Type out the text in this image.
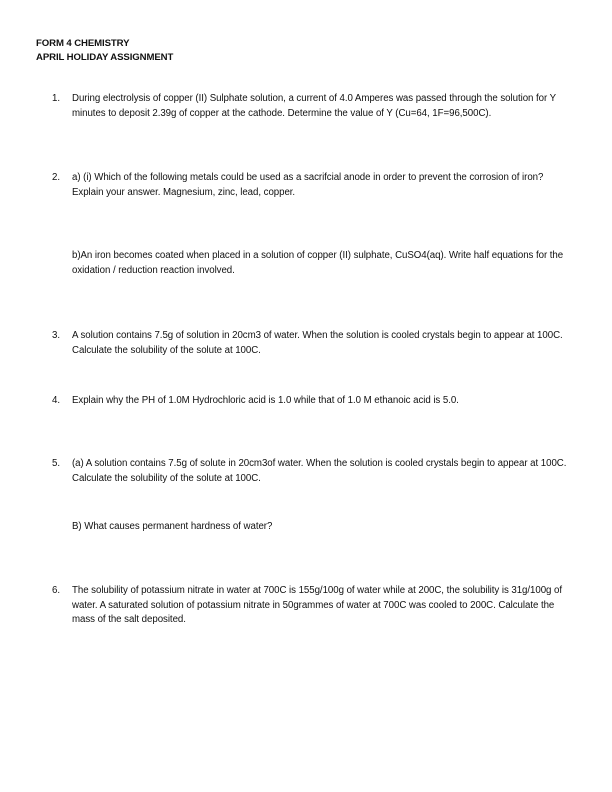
FORM 4 CHEMISTRY
APRIL HOLIDAY ASSIGNMENT
1.	During electrolysis of copper (II) Sulphate solution, a current of 4.0 Amperes was passed through the solution for Y minutes to deposit 2.39g of copper at the cathode. Determine the value of Y (Cu=64, 1F=96,500C).
2.	a) (i) Which of the following metals could be used as a sacrifcial anode in order to prevent the corrosion of iron? Explain your answer. Magnesium, zinc, lead, copper.
b)An iron becomes coated when placed in a solution of copper (II) sulphate, CuSO4(aq). Write half equations for the oxidation / reduction reaction involved.
3.	A solution contains 7.5g of solution in 20cm3 of water. When the solution is cooled crystals begin to appear at 100C. Calculate the solubility of the solute at 100C.
4.	Explain why the PH of 1.0M Hydrochloric acid is 1.0 while that of 1.0 M ethanoic acid is 5.0.
5.	(a) A solution contains 7.5g of solute in 20cm3of water. When the solution is cooled crystals begin to appear at 100C. Calculate the solubility of the solute at 100C.
B) What causes permanent hardness of water?
6.	The solubility of potassium nitrate in water at 700C is 155g/100g of water while at 200C, the solubility is 31g/100g of water. A saturated solution of potassium nitrate in 50grammes of water at 700C was cooled to 200C. Calculate the mass of the salt deposited.
